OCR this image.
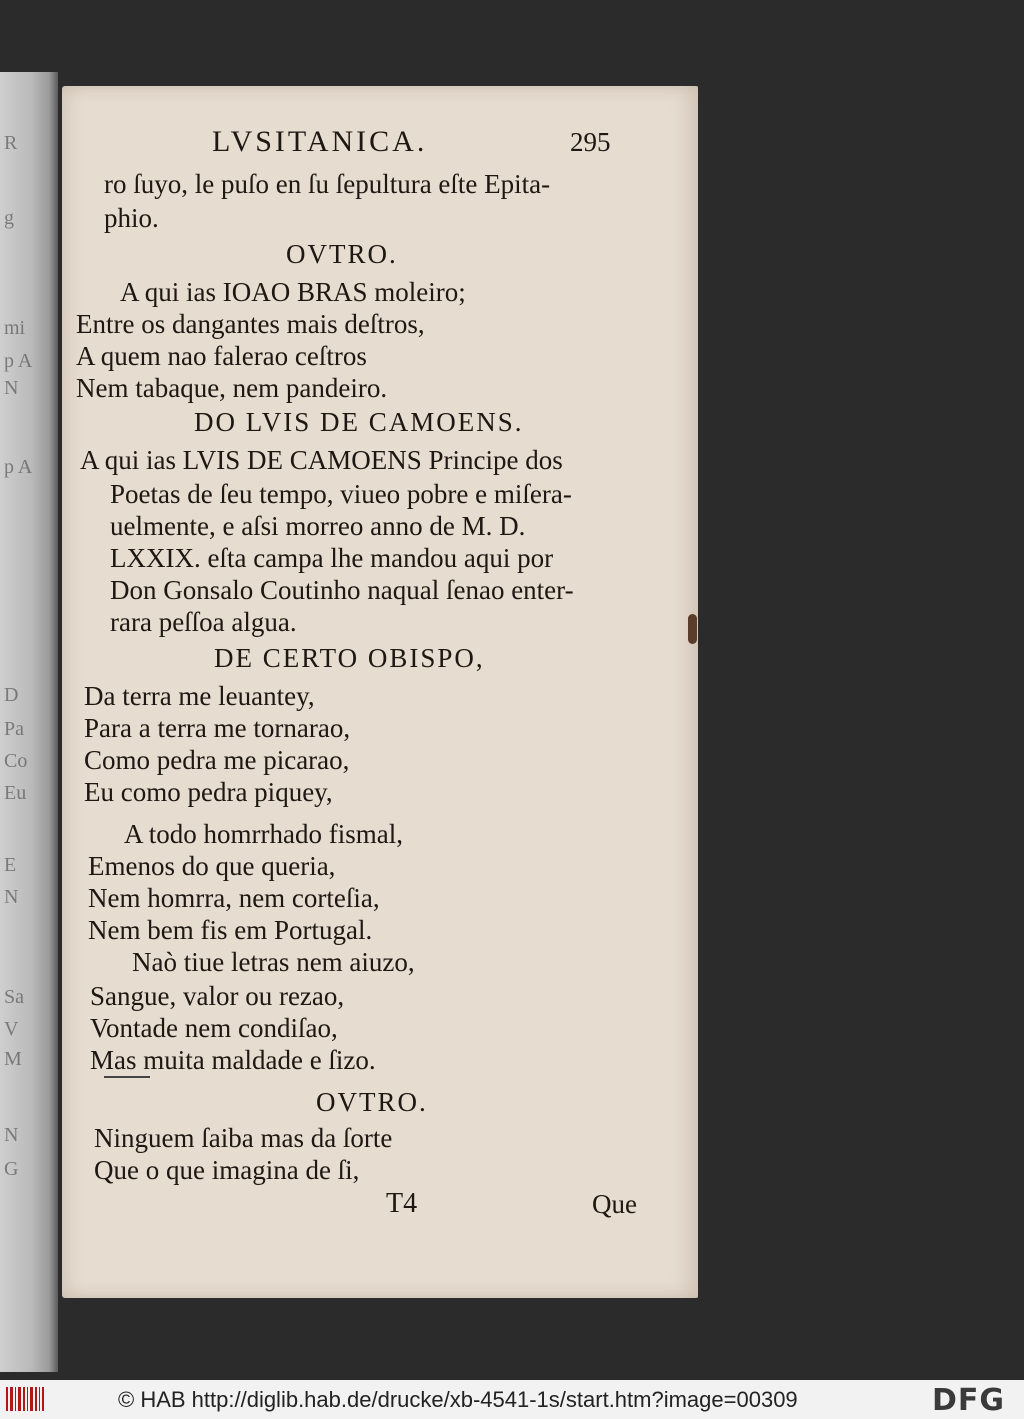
R
g
mi
p A
N
p A
D
Pa
Co
Eu
E
N
Sa
V
M
N
G
LVSITANICA.	295
ro ſuyo, le puſo en ſu ſepultura eſte Epita-
phio.
OVTRO.
A qui ias IOAO BRAS moleiro;
Entre os dangantes mais deſtros,
A quem nao falerao ceſtros
Nem tabaque, nem pandeiro.
DO LVIS DE CAMOENS.
A qui ias LVIS DE CAMOENS Principe dos
Poetas de ſeu tempo, viueo pobre e miſera-
uelmente, e aſsi morreo anno de M. D.
LXXIX. eſta campa lhe mandou aqui por
Don Gonsalo Coutinho naqual ſenao enter-
rara peſſoa algua.
DE CERTO OBISPO,
Da terra me leuantey,
Para a terra me tornarao,
Como pedra me picarao,
Eu como pedra piquey,
A todo homrrhado fismal,
Emenos do que queria,
Nem homrra, nem corteſia,
Nem bem fis em Portugal.
Naò tiue letras nem aiuzo,
Sangue, valor ou rezao,
Vontade nem condiſao,
Mas muita maldade e ſizo.
OVTRO.
Ninguem ſaiba mas da ſorte
Que o que imagina de ſi,
T4	Que
© HAB http://diglib.hab.de/drucke/xb-4541-1s/start.htm?image=00309	DFG
